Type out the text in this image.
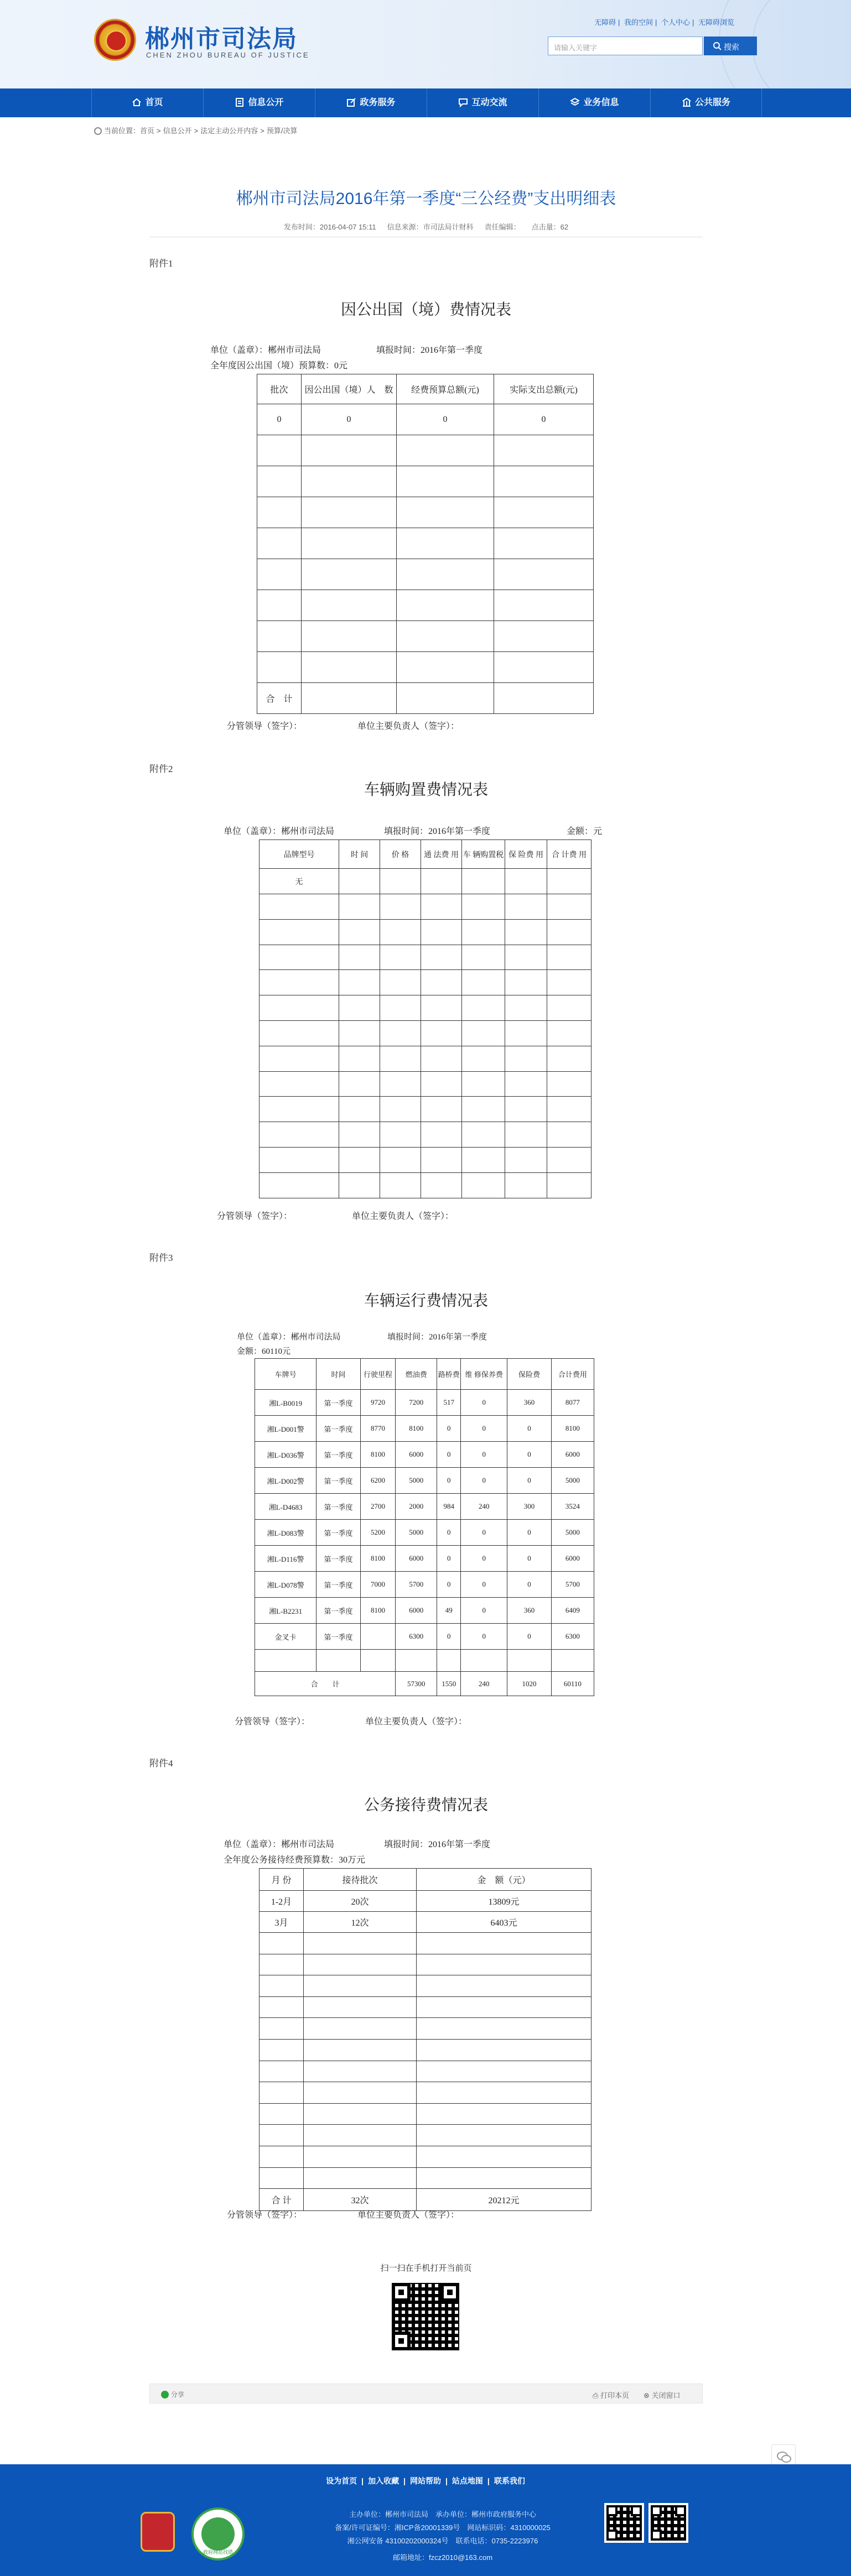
郴州市司法局
CHEN ZHOU BUREAU OF JUSTICE
无障碍 | 我的空间 | 个人中心 | 无障碍浏览
请输入关键字	搜索
首页	信息公开	政务服务	互动交流	业务信息	公共服务
当前位置：首页 > 信息公开 > 法定主动公开内容 > 预算/决算
郴州市司法局2016年第一季度“三公经费”支出明细表
发布时间：2016-04-07 15:11 信息来源：市司法局计财科 责任编辑： 点击量：62
附件1
因公出国（境）费情况表
单位（盖章）：郴州市司法局	填报时间：2016年第一季度
全年度因公出国（境）预算数：0元
批次	因公出国（境）人　数	经费预算总额(元)	实际支出总额(元)
0	0	0	0

合　计			
分管领导（签字）：	单位主要负责人（签字）：
附件2
车辆购置费情况表
单位（盖章）：郴州市司法局	填报时间：2016年第一季度	金额：元
品牌型号	时 间	价 格	通 法费 用	车 辆购置税	保 险费 用	合 计费 用
无						

分管领导（签字）：	单位主要负责人（签字）：
附件3
车辆运行费情况表
单位（盖章）：郴州市司法局	填报时间：2016年第一季度
金额：60110元
车牌号	时间	行驶里程	燃油费	路桥费	维 修保养费	保险费	合计费用
湘L-B0019	第一季度	9720	7200	517	0	360	8077
湘L-D001警	第一季度	8770	8100	0	0	0	8100
湘L-D036警	第一季度	8100	6000	0	0	0	6000
湘L-D002警	第一季度	6200	5000	0	0	0	5000
湘L-D4683	第一季度	2700	2000	984	240	300	3524
湘L-D083警	第一季度	5200	5000	0	0	0	5000
湘L-D116警	第一季度	8100	6000	0	0	0	6000
湘L-D078警	第一季度	7000	5700	0	0	0	5700
湘L-B2231	第一季度	8100	6000	49	0	360	6409
金叉卡	第一季度		6300	0	0	0	6300

合　　计			57300	1550	240	1020	60110
分管领导（签字）：	单位主要负责人（签字）：
附件4
公务接待费情况表
单位（盖章）：郴州市司法局	填报时间：2016年第一季度
全年度公务接待经费预算数：30万元
月 份	接待批次	金　额（元）
1-2月	20次	13809元
3月	12次	6403元

合 计	32次	20212元
分管领导（签字）：	单位主要负责人（签字）：
扫一扫在手机打开当前页
分享	⎙ 打印本页 ⊗ 关闭窗口
设为首页 | 加入收藏 | 网站帮助 | 站点地图 | 联系我们
政府网站找错
主办单位：郴州市司法局　承办单位：郴州市政府服务中心
备案/许可证编号：湘ICP备20001339号　网站标识码：4310000025
湘公网安备 43100202000324号　联系电话：0735-2223976
邮箱地址：fzcz2010@163.com
